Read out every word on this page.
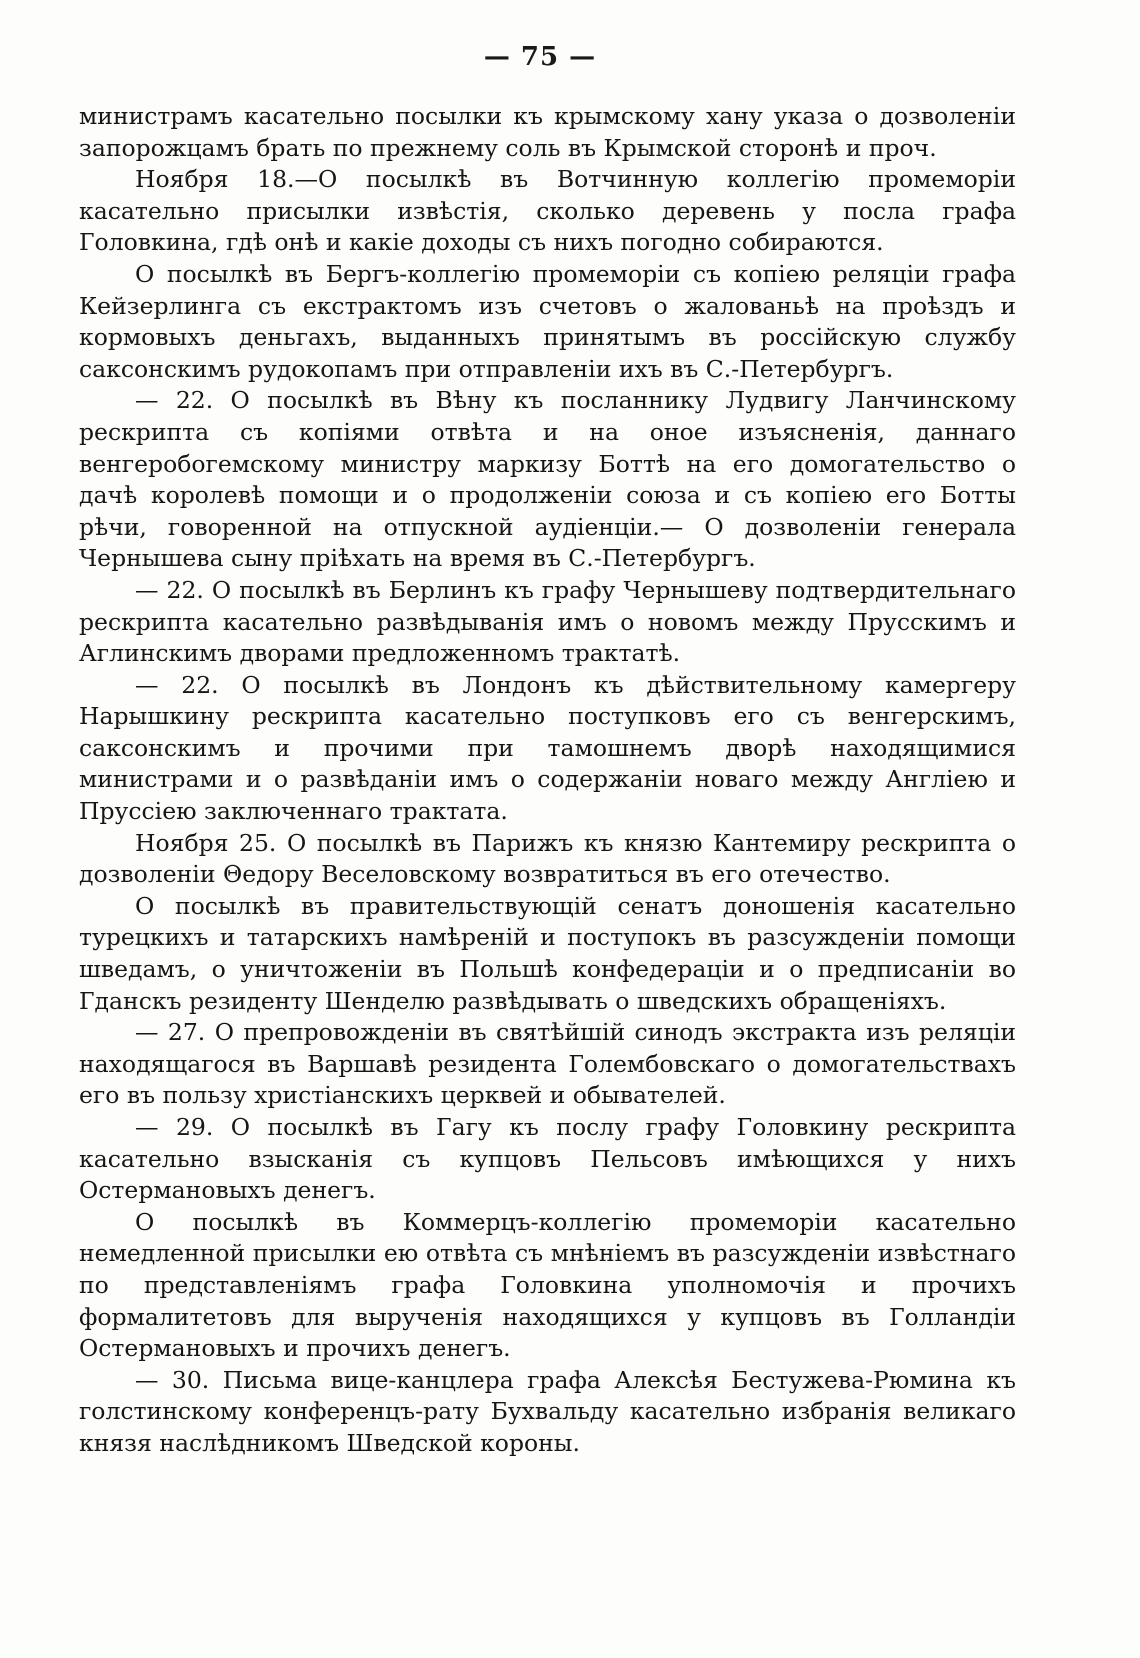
— 75 —

министрамъ касательно посылки къ крымскому хану указа о дозволеніи запорожцамъ брать по прежнему соль въ Крымской сторонѣ и проч.

Ноября 18.—О посылкѣ въ Вотчинную коллегію промеморіи касательно присылки извѣстія, сколько деревень у посла графа Головкина, гдѣ онѣ и какіе доходы съ нихъ погодно собираются.

О посылкѣ въ Бергъ-коллегію промеморіи съ копіею реляціи графа Кейзерлинга съ екстрактомъ изъ счетовъ о жалованьѣ на проѣздъ и кормовыхъ деньгахъ, выданныхъ принятымъ въ россійскую службу саксонскимъ рудокопамъ при отправленіи ихъ въ С.-Петербургъ.

— 22. О посылкѣ въ Вѣну къ посланнику Лудвигу Ланчинскому рескрипта съ копіями отвѣта и на оное изъясненія, даннаго венгеробогемскому министру маркизу Боттѣ на его домогательство о дачѣ королевѣ помощи и о продолженіи союза и съ копіею его Ботты рѣчи, говоренной на отпускной аудіенціи.— О дозволеніи генерала Чернышева сыну пріѣхать на время въ С.-Петербургъ.

— 22. О посылкѣ въ Берлинъ къ графу Чернышеву подтвердительнаго рескрипта касательно развѣдыванія имъ о новомъ между Прусскимъ и Аглинскимъ дворами предложенномъ трактатѣ.

— 22. О посылкѣ въ Лондонъ къ дѣйствительному камергеру Нарышкину рескрипта касательно поступковъ его съ венгерскимъ, саксонскимъ и прочими при тамошнемъ дворѣ находящимися министрами и о развѣданіи имъ о содержаніи новаго между Англіею и Пруссіею заключеннаго трактата.

Ноября 25. О посылкѣ въ Парижъ къ князю Кантемиру рескрипта о дозволеніи Θедору Веселовскому возвратиться въ его отечество.

О посылкѣ въ правительствующій сенатъ доношенія касательно турецкихъ и татарскихъ намѣреній и поступокъ въ разсужденіи помощи шведамъ, о уничтоженіи въ Польшѣ конфедераціи и о предписаніи во Гданскъ резиденту Шенделю развѣдывать о шведскихъ обращеніяхъ.

— 27. О препровожденіи въ святѣйшій синодъ экстракта изъ реляціи находящагося въ Варшавѣ резидента Голембовскаго о домогательствахъ его въ пользу христіанскихъ церквей и обывателей.

— 29. О посылкѣ въ Гагу къ послу графу Головкину рескрипта касательно взысканія съ купцовъ Пельсовъ имѣющихся у нихъ Остермановыхъ денегъ.

О посылкѣ въ Коммерцъ-коллегію промеморіи касательно немедленной присылки ею отвѣта съ мнѣніемъ въ разсужденіи извѣстнаго по представленіямъ графа Головкина уполномочія и прочихъ формалитетовъ для вырученія находящихся у купцовъ въ Голландіи Остермановыхъ и прочихъ денегъ.

— 30. Письма вице-канцлера графа Алексѣя Бестужева-Рюмина къ голстинскому конференцъ-рату Бухвальду касательно избранія великаго князя наслѣдникомъ Шведской короны.
